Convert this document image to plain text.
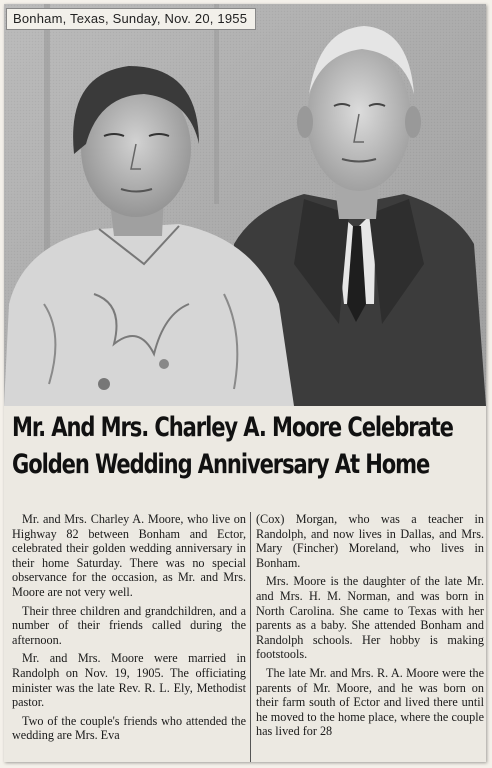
Bonham, Texas, Sunday, Nov. 20, 1955
Mr. And Mrs. Charley A. Moore Celebrate
Golden Wedding Anniversary At Home

Mr. and Mrs. Charley A. Moore, who live on Highway 82 between Bonham and Ector, celebrated their golden wedding anniversary in their home Saturday. There was no special observance for the occasion, as Mr. and Mrs. Moore are not very well.

Their three children and grandchildren, and a number of their friends called during the afternoon.

Mr. and Mrs. Moore were married in Randolph on Nov. 19, 1905. The officiating minister was the late Rev. R. L. Ely, Methodist pastor.

Two of the couple's friends who attended the wedding are Mrs. Eva

(Cox) Morgan, who was a teacher in Randolph, and now lives in Dallas, and Mrs. Mary (Fincher) Moreland, who lives in Bonham.

Mrs. Moore is the daughter of the late Mr. and Mrs. H. M. Norman, and was born in North Carolina. She came to Texas with her parents as a baby. She attended Bonham and Randolph schools. Her hobby is making footstools.

The late Mr. and Mrs. R. A. Moore were the parents of Mr. Moore, and he was born on their farm south of Ector and lived there until he moved to the home place, where the couple has lived for 28
